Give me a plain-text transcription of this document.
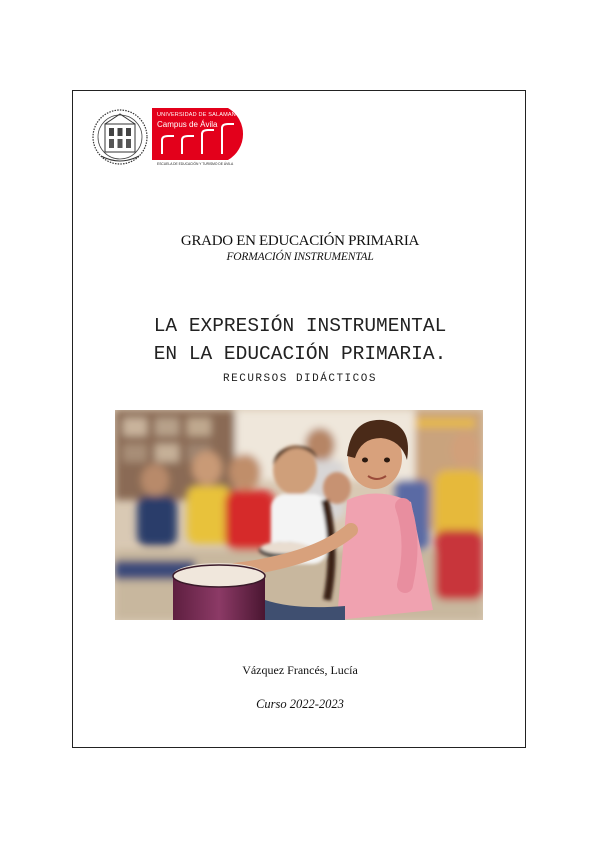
UNIVERSIDAD DE SALAMANCA
Campus de Ávila
ESCUELA DE EDUCACIÓN Y TURISMO DE ÁVILA
GRADO EN EDUCACIÓN PRIMARIA
FORMACIÓN INSTRUMENTAL
LA EXPRESIÓN INSTRUMENTAL
EN LA EDUCACIÓN PRIMARIA.
RECURSOS DIDÁCTICOS
Vázquez Francés, Lucía
Curso 2022-2023
